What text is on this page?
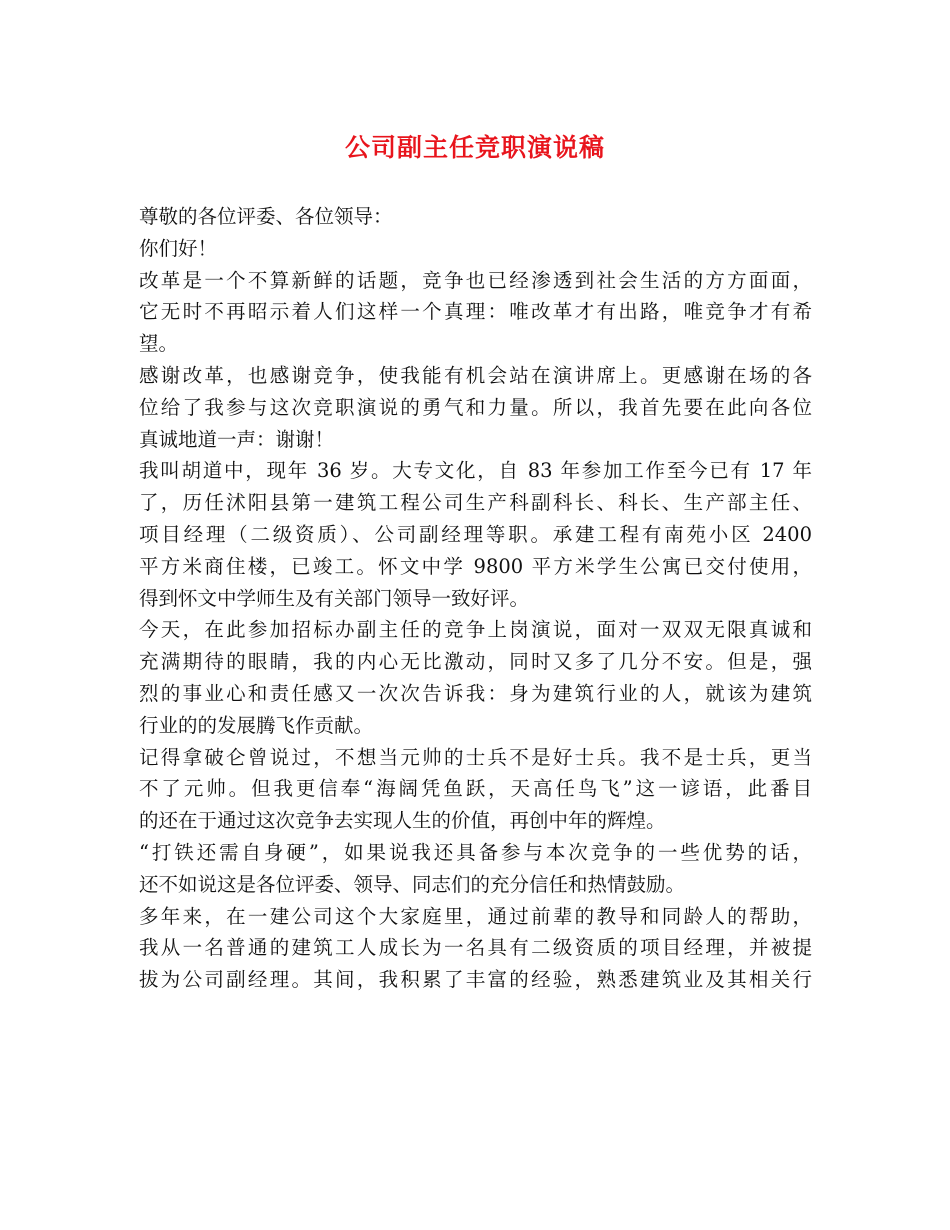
公司副主任竞职演说稿
尊敬的各位评委、各位领导：
你们好！
改革是一个不算新鲜的话题，竞争也已经渗透到社会生活的方方面面，
它无时不再昭示着人们这样一个真理：唯改革才有出路，唯竞争才有希
望。
感谢改革，也感谢竞争，使我能有机会站在演讲席上。更感谢在场的各
位给了我参与这次竞职演说的勇气和力量。所以，我首先要在此向各位
真诚地道一声：谢谢！
我叫胡道中，现年 36 岁。大专文化，自 83 年参加工作至今已有 17 年
了，历任沭阳县第一建筑工程公司生产科副科长、科长、生产部主任、
项目经理（二级资质）、公司副经理等职。承建工程有南苑小区 2400
平方米商住楼，已竣工。怀文中学 9800 平方米学生公寓已交付使用，
得到怀文中学师生及有关部门领导一致好评。
今天，在此参加招标办副主任的竞争上岗演说，面对一双双无限真诚和
充满期待的眼睛，我的内心无比激动，同时又多了几分不安。但是，强
烈的事业心和责任感又一次次告诉我：身为建筑行业的人，就该为建筑
行业的的发展腾飞作贡献。
记得拿破仑曾说过，不想当元帅的士兵不是好士兵。我不是士兵，更当
不了元帅。但我更信奉“海阔凭鱼跃，天高任鸟飞”这一谚语，此番目
的还在于通过这次竞争去实现人生的价值，再创中年的辉煌。
“打铁还需自身硬”，如果说我还具备参与本次竞争的一些优势的话，
还不如说这是各位评委、领导、同志们的充分信任和热情鼓励。
多年来，在一建公司这个大家庭里，通过前辈的教导和同龄人的帮助，
我从一名普通的建筑工人成长为一名具有二级资质的项目经理，并被提
拔为公司副经理。其间，我积累了丰富的经验，熟悉建筑业及其相关行
